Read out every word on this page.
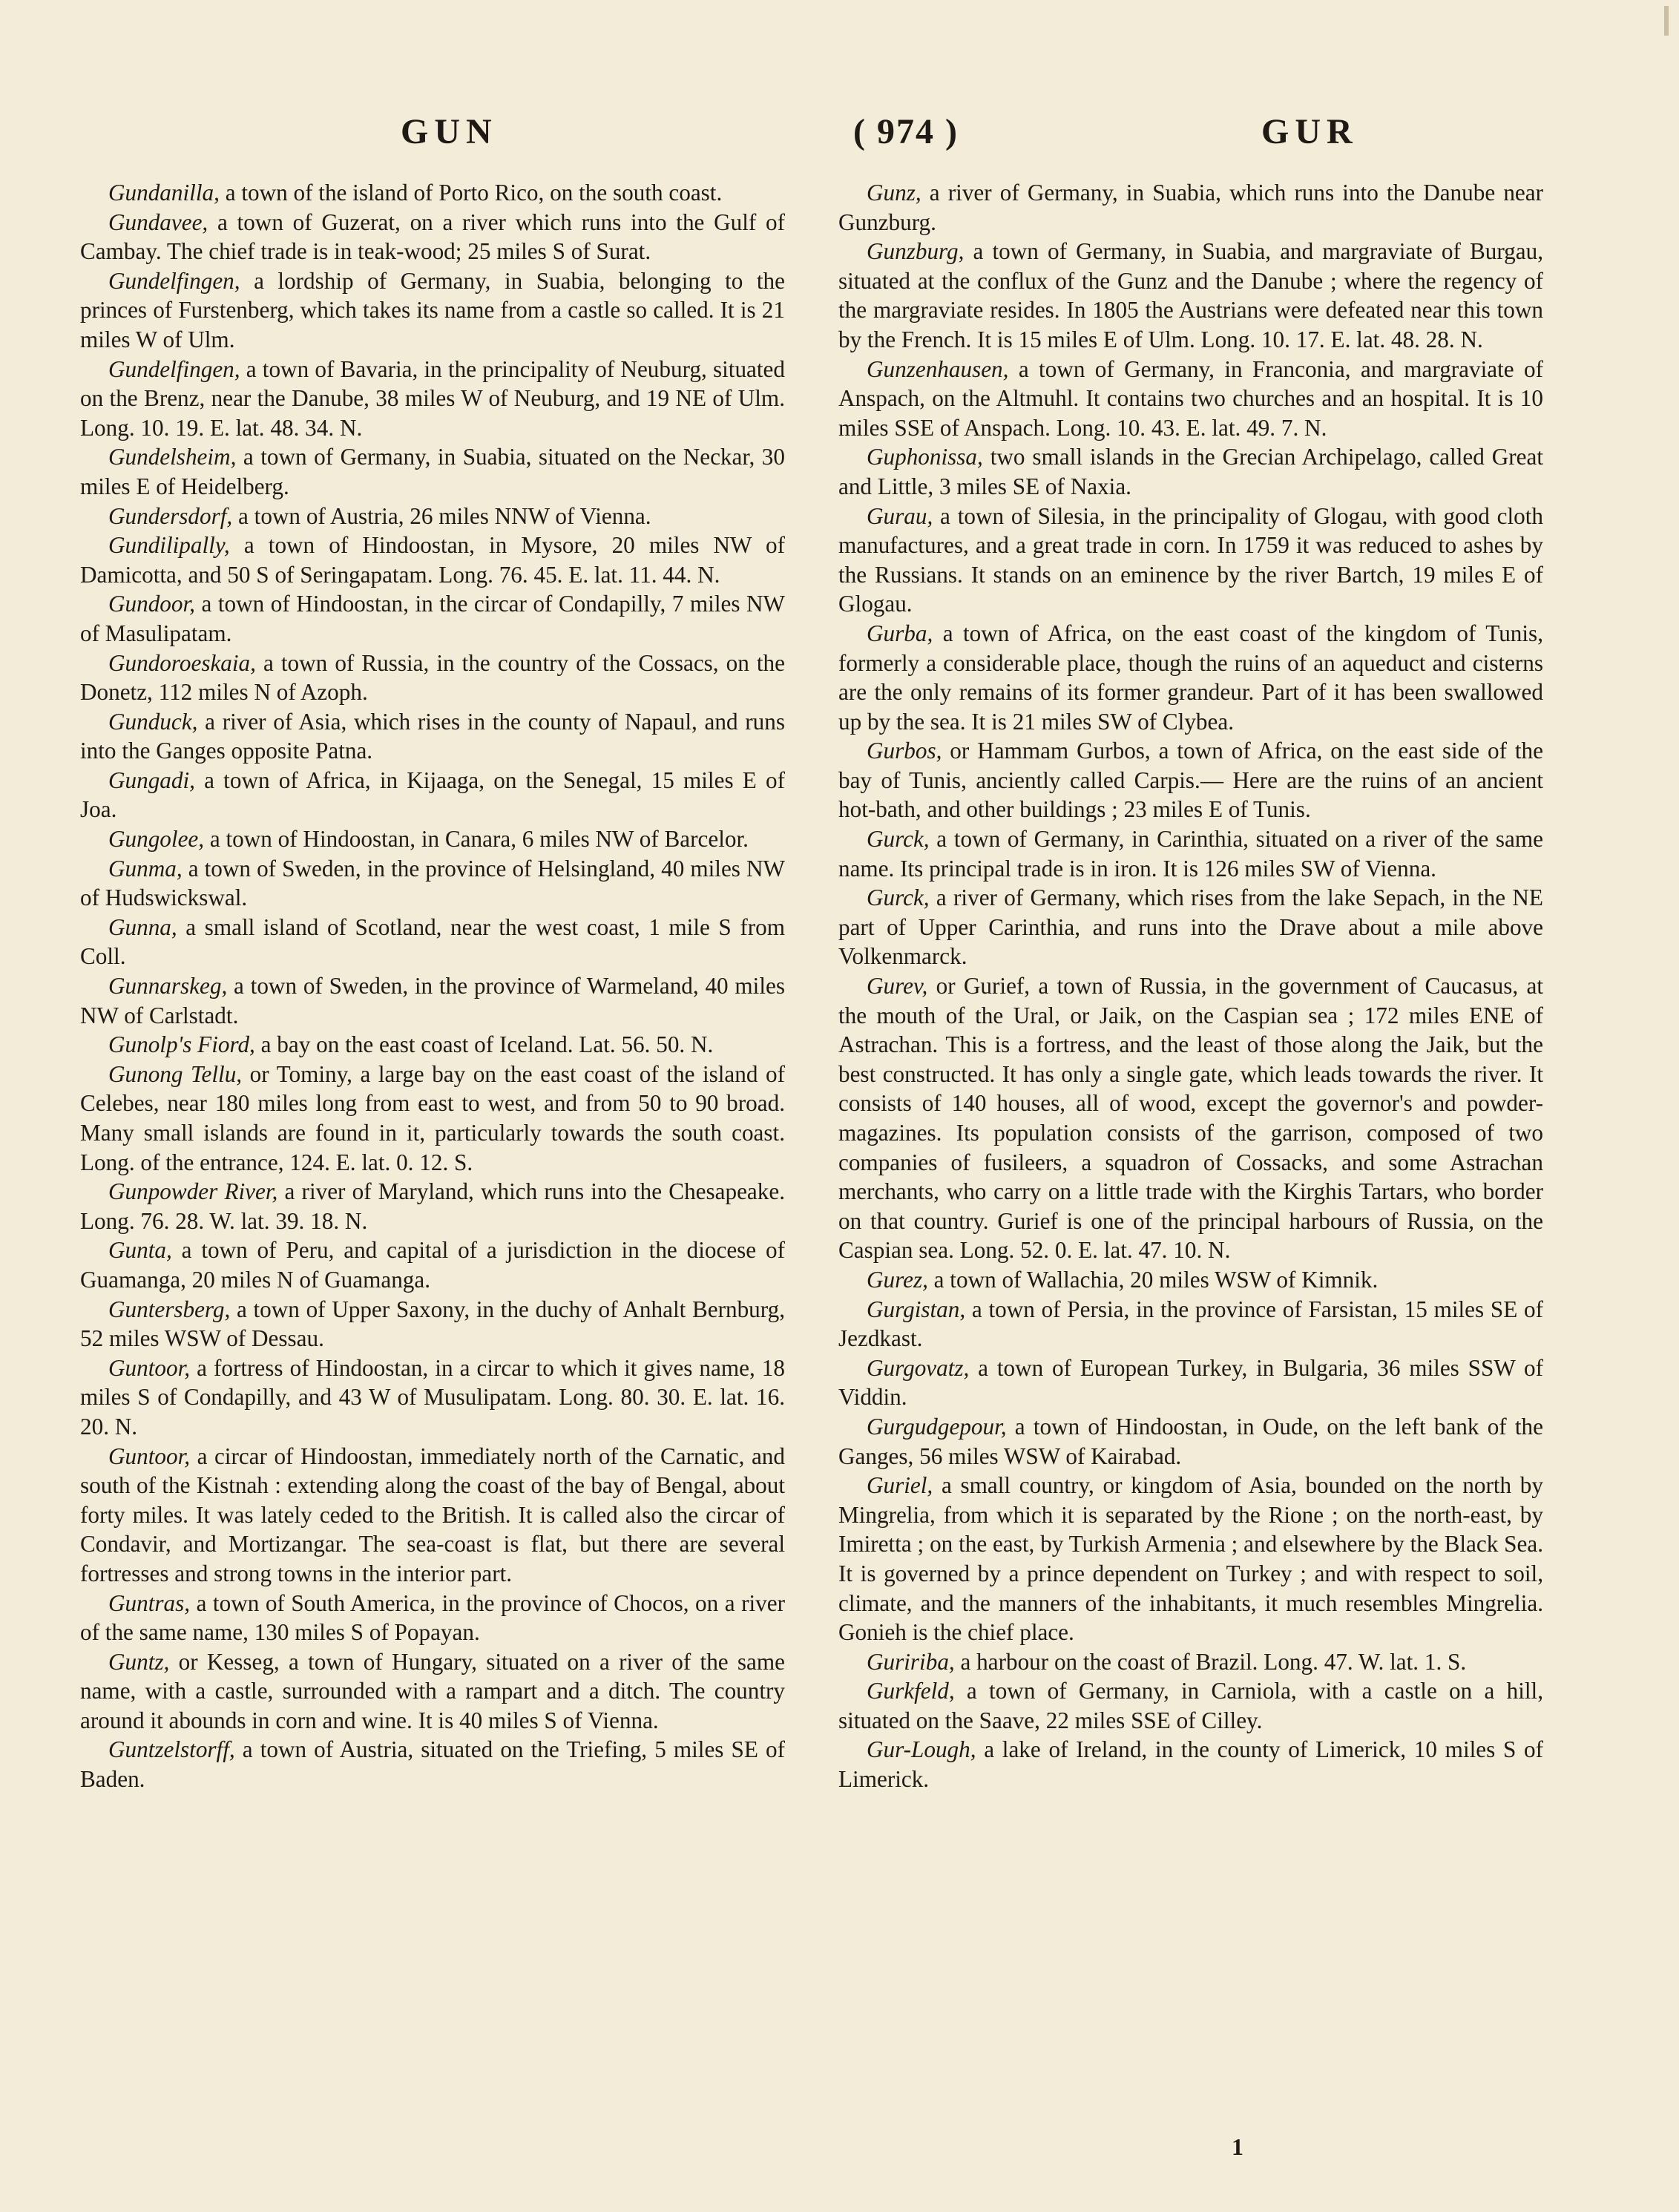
GUN	( 974 )	GUR

Gundanilla, a town of the island of Porto Rico, on the south coast.

Gundavee, a town of Guzerat, on a river which runs into the Gulf of Cambay. The chief trade is in teak-wood; 25 miles S of Surat.

Gundelfingen, a lordship of Germany, in Suabia, belonging to the princes of Furstenberg, which takes its name from a castle so called. It is 21 miles W of Ulm.

Gundelfingen, a town of Bavaria, in the principality of Neuburg, situated on the Brenz, near the Danube, 38 miles W of Neuburg, and 19 NE of Ulm. Long. 10. 19. E. lat. 48. 34. N.

Gundelsheim, a town of Germany, in Suabia, situated on the Neckar, 30 miles E of Heidelberg.

Gundersdorf, a town of Austria, 26 miles NNW of Vienna.

Gundilipally, a town of Hindoostan, in Mysore, 20 miles NW of Damicotta, and 50 S of Seringapatam. Long. 76. 45. E. lat. 11. 44. N.

Gundoor, a town of Hindoostan, in the circar of Condapilly, 7 miles NW of Masulipatam.

Gundoroeskaia, a town of Russia, in the country of the Cossacs, on the Donetz, 112 miles N of Azoph.

Gunduck, a river of Asia, which rises in the county of Napaul, and runs into the Ganges opposite Patna.

Gungadi, a town of Africa, in Kijaaga, on the Senegal, 15 miles E of Joa.

Gungolee, a town of Hindoostan, in Canara, 6 miles NW of Barcelor.

Gunma, a town of Sweden, in the province of Helsingland, 40 miles NW of Hudswickswal.

Gunna, a small island of Scotland, near the west coast, 1 mile S from Coll.

Gunnarskeg, a town of Sweden, in the province of Warmeland, 40 miles NW of Carlstadt.

Gunolp's Fiord, a bay on the east coast of Iceland. Lat. 56. 50. N.

Gunong Tellu, or Tominy, a large bay on the east coast of the island of Celebes, near 180 miles long from east to west, and from 50 to 90 broad. Many small islands are found in it, particularly towards the south coast. Long. of the entrance, 124. E. lat. 0. 12. S.

Gunpowder River, a river of Maryland, which runs into the Chesapeake. Long. 76. 28. W. lat. 39. 18. N.

Gunta, a town of Peru, and capital of a jurisdiction in the diocese of Guamanga, 20 miles N of Guamanga.

Guntersberg, a town of Upper Saxony, in the duchy of Anhalt Bernburg, 52 miles WSW of Dessau.

Guntoor, a fortress of Hindoostan, in a circar to which it gives name, 18 miles S of Condapilly, and 43 W of Musulipatam. Long. 80. 30. E. lat. 16. 20. N.

Guntoor, a circar of Hindoostan, immediately north of the Carnatic, and south of the Kistnah : extending along the coast of the bay of Bengal, about forty miles. It was lately ceded to the British. It is called also the circar of Condavir, and Mortizangar. The sea-coast is flat, but there are several fortresses and strong towns in the interior part.

Guntras, a town of South America, in the province of Chocos, on a river of the same name, 130 miles S of Popayan.

Guntz, or Kesseg, a town of Hungary, situated on a river of the same name, with a castle, surrounded with a rampart and a ditch. The country around it abounds in corn and wine. It is 40 miles S of Vienna.

Guntzelstorff, a town of Austria, situated on the Triefing, 5 miles SE of Baden.

Gunz, a river of Germany, in Suabia, which runs into the Danube near Gunzburg.

Gunzburg, a town of Germany, in Suabia, and margraviate of Burgau, situated at the conflux of the Gunz and the Danube ; where the regency of the margraviate resides. In 1805 the Austrians were defeated near this town by the French. It is 15 miles E of Ulm. Long. 10. 17. E. lat. 48. 28. N.

Gunzenhausen, a town of Germany, in Franconia, and margraviate of Anspach, on the Altmuhl. It contains two churches and an hospital. It is 10 miles SSE of Anspach. Long. 10. 43. E. lat. 49. 7. N.

Guphonissa, two small islands in the Grecian Archipelago, called Great and Little, 3 miles SE of Naxia.

Gurau, a town of Silesia, in the principality of Glogau, with good cloth manufactures, and a great trade in corn. In 1759 it was reduced to ashes by the Russians. It stands on an eminence by the river Bartch, 19 miles E of Glogau.

Gurba, a town of Africa, on the east coast of the kingdom of Tunis, formerly a considerable place, though the ruins of an aqueduct and cisterns are the only remains of its former grandeur. Part of it has been swallowed up by the sea. It is 21 miles SW of Clybea.

Gurbos, or Hammam Gurbos, a town of Africa, on the east side of the bay of Tunis, anciently called Carpis.— Here are the ruins of an ancient hot-bath, and other buildings ; 23 miles E of Tunis.

Gurck, a town of Germany, in Carinthia, situated on a river of the same name. Its principal trade is in iron. It is 126 miles SW of Vienna.

Gurck, a river of Germany, which rises from the lake Sepach, in the NE part of Upper Carinthia, and runs into the Drave about a mile above Volkenmarck.

Gurev, or Gurief, a town of Russia, in the government of Caucasus, at the mouth of the Ural, or Jaik, on the Caspian sea ; 172 miles ENE of Astrachan. This is a fortress, and the least of those along the Jaik, but the best constructed. It has only a single gate, which leads towards the river. It consists of 140 houses, all of wood, except the governor's and powder-magazines. Its population consists of the garrison, composed of two companies of fusileers, a squadron of Cossacks, and some Astrachan merchants, who carry on a little trade with the Kirghis Tartars, who border on that country. Gurief is one of the principal harbours of Russia, on the Caspian sea. Long. 52. 0. E. lat. 47. 10. N.

Gurez, a town of Wallachia, 20 miles WSW of Kimnik.

Gurgistan, a town of Persia, in the province of Farsistan, 15 miles SE of Jezdkast.

Gurgovatz, a town of European Turkey, in Bulgaria, 36 miles SSW of Viddin.

Gurgudgepour, a town of Hindoostan, in Oude, on the left bank of the Ganges, 56 miles WSW of Kairabad.

Guriel, a small country, or kingdom of Asia, bounded on the north by Mingrelia, from which it is separated by the Rione ; on the north-east, by Imiretta ; on the east, by Turkish Armenia ; and elsewhere by the Black Sea. It is governed by a prince dependent on Turkey ; and with respect to soil, climate, and the manners of the inhabitants, it much resembles Mingrelia. Gonieh is the chief place.

Guririba, a harbour on the coast of Brazil. Long. 47. W. lat. 1. S.

Gurkfeld, a town of Germany, in Carniola, with a castle on a hill, situated on the Saave, 22 miles SSE of Cilley.

Gur-Lough, a lake of Ireland, in the county of Limerick, 10 miles S of Limerick.

1
